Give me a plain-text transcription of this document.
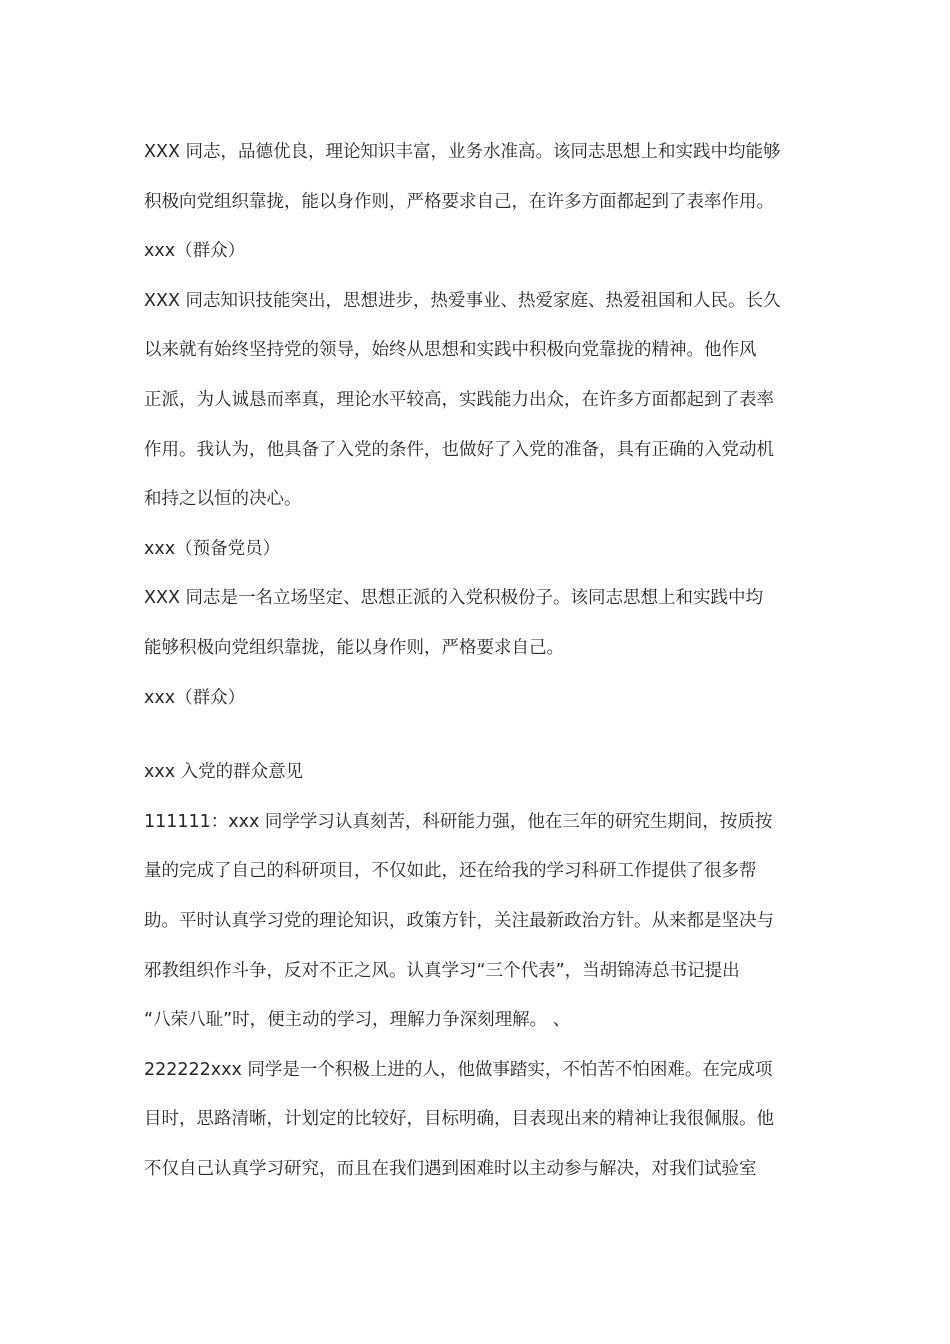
XXX 同志，品德优良，理论知识丰富，业务水准高。该同志思想上和实践中均能够
积极向党组织靠拢，能以身作则，严格要求自己，在许多方面都起到了表率作用。
xxx（群众）
XXX 同志知识技能突出，思想进步，热爱事业、热爱家庭、热爱祖国和人民。长久
以来就有始终坚持党的领导，始终从思想和实践中积极向党靠拢的精神。他作风
正派，为人诚恳而率真，理论水平较高，实践能力出众，在许多方面都起到了表率
作用。我认为，他具备了入党的条件，也做好了入党的准备，具有正确的入党动机
和持之以恒的决心。
xxx（预备党员）
XXX 同志是一名立场坚定、思想正派的入党积极份子。该同志思想上和实践中均
能够积极向党组织靠拢，能以身作则，严格要求自己。
xxx（群众）
xxx 入党的群众意见
111111：xxx 同学学习认真刻苦，科研能力强，他在三年的研究生期间，按质按
量的完成了自己的科研项目，不仅如此，还在给我的学习科研工作提供了很多帮
助。平时认真学习党的理论知识，政策方针，关注最新政治方针。从来都是坚决与
邪教组织作斗争，反对不正之风。认真学习“三个代表”，当胡锦涛总书记提出
“八荣八耻”时，便主动的学习，理解力争深刻理解。 、
222222xxx 同学是一个积极上进的人，他做事踏实，不怕苦不怕困难。在完成项
目时，思路清晰，计划定的比较好，目标明确，目表现出来的精神让我很佩服。他
不仅自己认真学习研究，而且在我们遇到困难时以主动参与解决，对我们试验室
